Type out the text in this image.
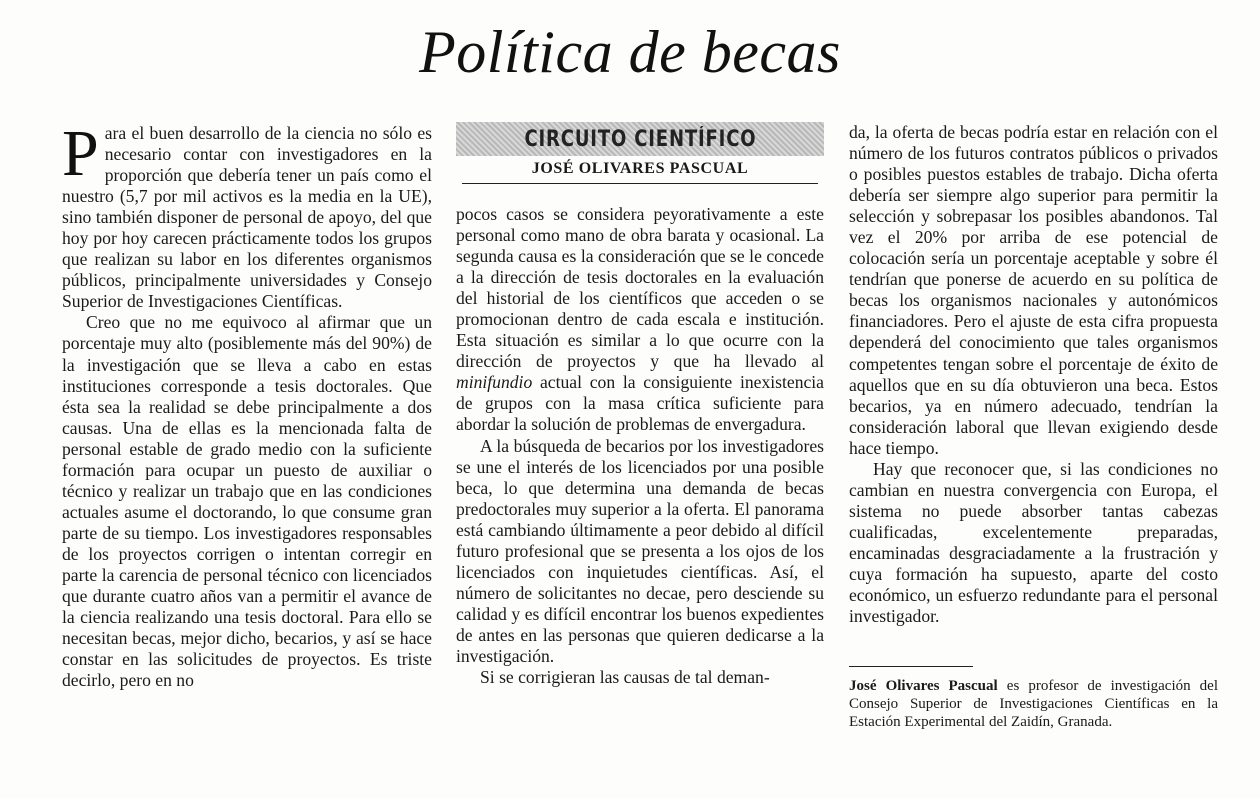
Política de becas

Para el buen desarrollo de la ciencia no sólo es necesario contar con investigadores en la proporción que debería tener un país como el nuestro (5,7 por mil activos es la media en la UE), sino también disponer de personal de apoyo, del que hoy por hoy carecen prácticamente todos los grupos que realizan su labor en los diferentes organismos públicos, principalmente universidades y Consejo Superior de Investigaciones Científicas.

Creo que no me equivoco al afirmar que un porcentaje muy alto (posiblemente más del 90%) de la investigación que se lleva a cabo en estas instituciones corresponde a tesis doctorales. Que ésta sea la realidad se debe principalmente a dos causas. Una de ellas es la mencionada falta de personal estable de grado medio con la suficiente formación para ocupar un puesto de auxiliar o técnico y realizar un trabajo que en las condiciones actuales asume el doctorando, lo que consume gran parte de su tiempo. Los investigadores responsables de los proyectos corrigen o intentan corregir en parte la carencia de personal técnico con licenciados que durante cuatro años van a permitir el avance de la ciencia realizando una tesis doctoral. Para ello se necesitan becas, mejor dicho, becarios, y así se hace constar en las solicitudes de proyectos. Es triste decirlo, pero en no

CIRCUITO CIENTÍFICO
JOSÉ OLIVARES PASCUAL

pocos casos se considera peyorativamente a este personal como mano de obra barata y ocasional. La segunda causa es la consideración que se le concede a la dirección de tesis doctorales en la evaluación del historial de los científicos que acceden o se promocionan dentro de cada escala e institución. Esta situación es similar a lo que ocurre con la dirección de proyectos y que ha llevado al minifundio actual con la consiguiente inexistencia de grupos con la masa crítica suficiente para abordar la solución de problemas de envergadura.

A la búsqueda de becarios por los investigadores se une el interés de los licenciados por una posible beca, lo que determina una demanda de becas predoctorales muy superior a la oferta. El panorama está cambiando últimamente a peor debido al difícil futuro profesional que se presenta a los ojos de los licenciados con inquietudes científicas. Así, el número de solicitantes no decae, pero desciende su calidad y es difícil encontrar los buenos expedientes de antes en las personas que quieren dedicarse a la investigación.

Si se corrigieran las causas de tal deman-

da, la oferta de becas podría estar en relación con el número de los futuros contratos públicos o privados o posibles puestos estables de trabajo. Dicha oferta debería ser siempre algo superior para permitir la selección y sobrepasar los posibles abandonos. Tal vez el 20% por arriba de ese potencial de colocación sería un porcentaje aceptable y sobre él tendrían que ponerse de acuerdo en su política de becas los organismos nacionales y autonómicos financiadores. Pero el ajuste de esta cifra propuesta dependerá del conocimiento que tales organismos competentes tengan sobre el porcentaje de éxito de aquellos que en su día obtuvieron una beca. Estos becarios, ya en número adecuado, tendrían la consideración laboral que llevan exigiendo desde hace tiempo.

Hay que reconocer que, si las condiciones no cambian en nuestra convergencia con Europa, el sistema no puede absorber tantas cabezas cualificadas, excelentemente preparadas, encaminadas desgraciadamente a la frustración y cuya formación ha supuesto, aparte del costo económico, un esfuerzo redundante para el personal investigador.

José Olivares Pascual es profesor de investigación del Consejo Superior de Investigaciones Científicas en la Estación Experimental del Zaidín, Granada.
